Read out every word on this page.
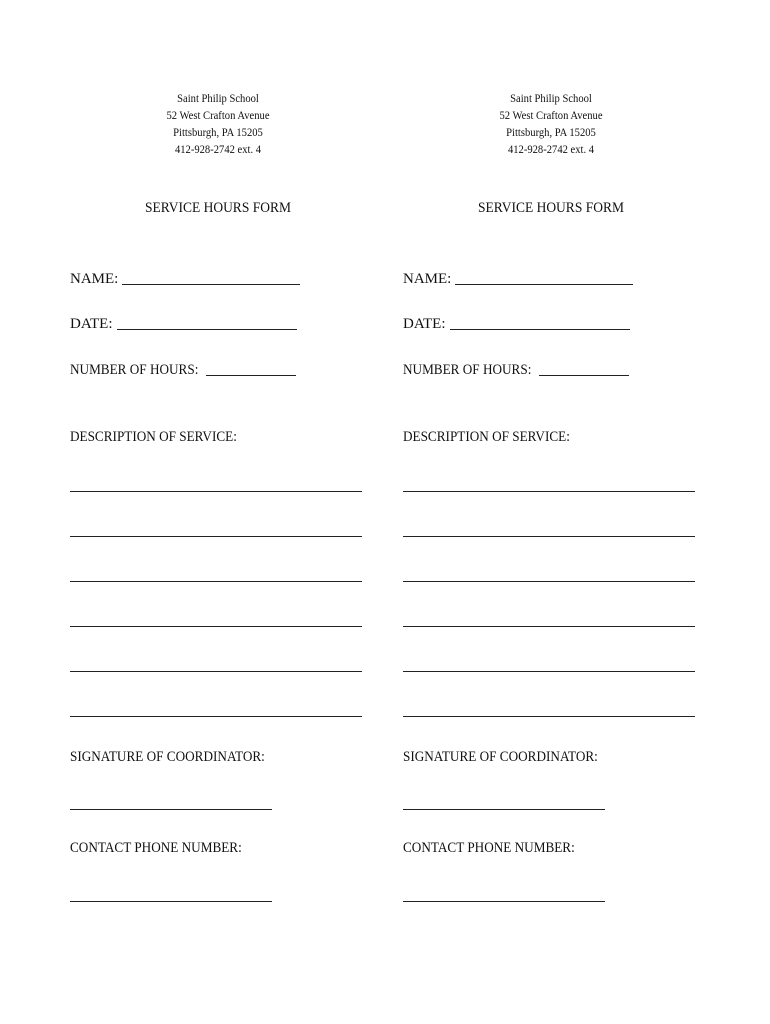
Saint Philip School
52 West Crafton Avenue
Pittsburgh, PA 15205
412-928-2742 ext. 4
SERVICE HOURS FORM
NAME:
DATE:
NUMBER OF HOURS:
DESCRIPTION OF SERVICE:
SIGNATURE OF COORDINATOR:
CONTACT PHONE NUMBER:
Saint Philip School
52 West Crafton Avenue
Pittsburgh, PA 15205
412-928-2742 ext. 4
SERVICE HOURS FORM
NAME:
DATE:
NUMBER OF HOURS:
DESCRIPTION OF SERVICE:
SIGNATURE OF COORDINATOR:
CONTACT PHONE NUMBER:
